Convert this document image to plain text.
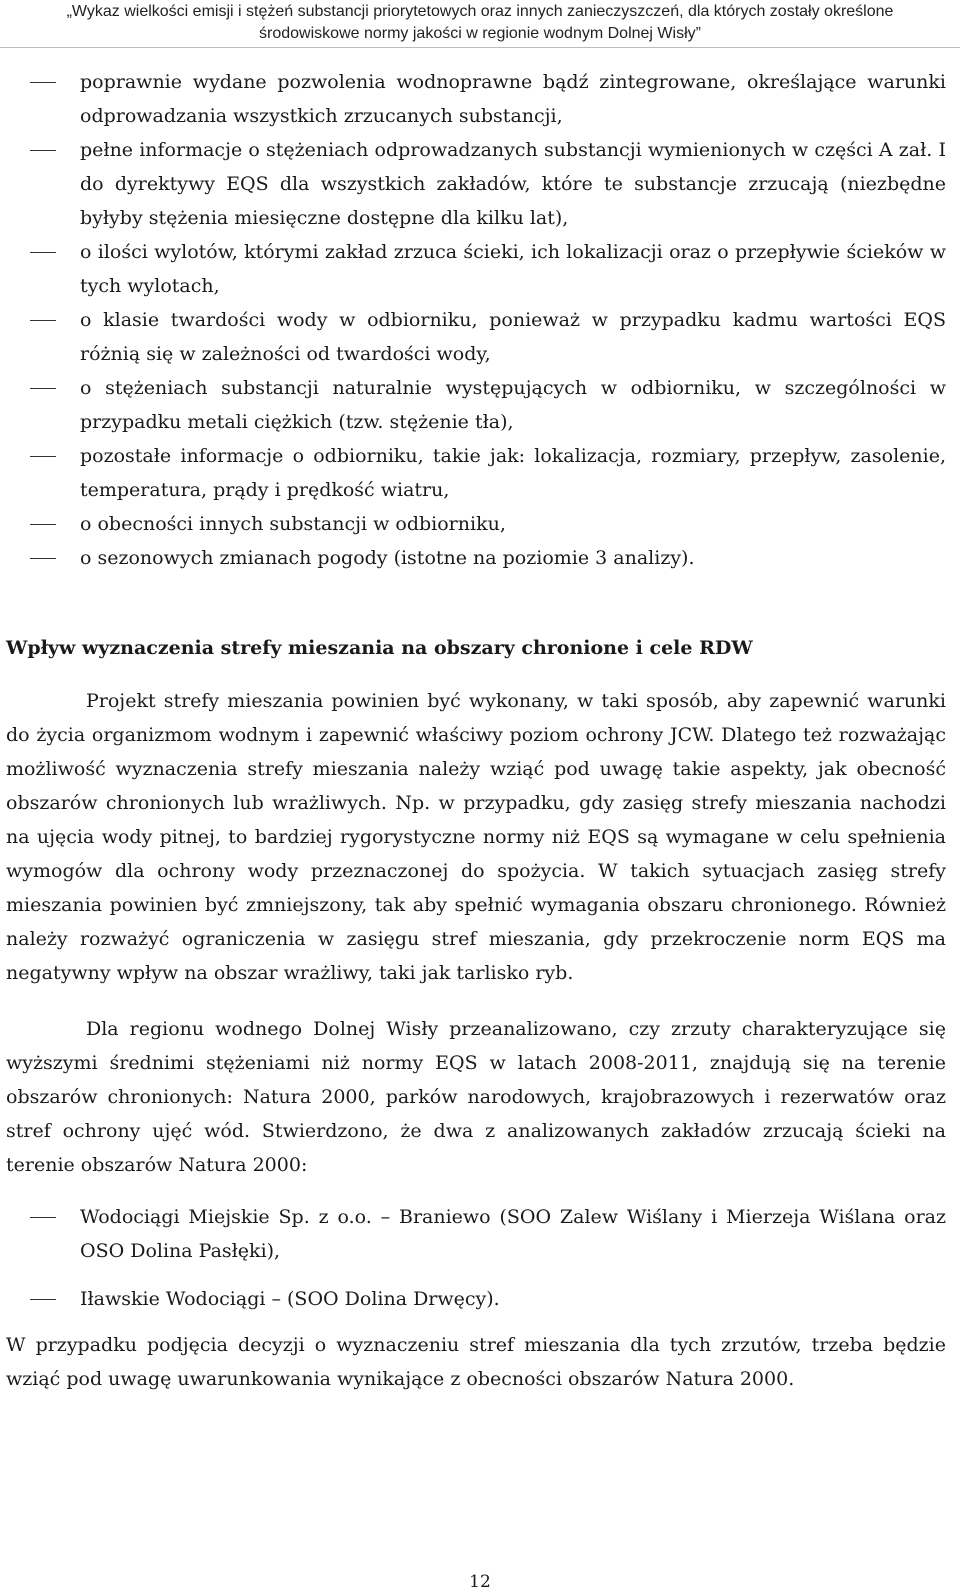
„Wykaz wielkości emisji i stężeń substancji priorytetowych oraz innych zanieczyszczeń, dla których zostały określone
środowiskowe normy jakości w regionie wodnym Dolnej Wisły”
poprawnie wydane pozwolenia wodnoprawne bądź zintegrowane, określające warunki odprowadzania wszystkich zrzucanych substancji,
pełne informacje o stężeniach odprowadzanych substancji wymienionych w części A zał. I do dyrektywy EQS dla wszystkich zakładów, które te substancje zrzucają (niezbędne byłyby stężenia miesięczne dostępne dla kilku lat),
o ilości wylotów, którymi zakład zrzuca ścieki, ich lokalizacji oraz o przepływie ścieków w tych wylotach,
o klasie twardości wody w odbiorniku, ponieważ w przypadku kadmu wartości EQS różnią się w zależności od twardości wody,
o stężeniach substancji naturalnie występujących w odbiorniku, w szczególności w przypadku metali ciężkich (tzw. stężenie tła),
pozostałe informacje o odbiorniku, takie jak: lokalizacja, rozmiary, przepływ, zasolenie, temperatura, prądy i prędkość wiatru,
o obecności innych substancji w odbiorniku,
o sezonowych zmianach pogody (istotne na poziomie 3 analizy).

Wpływ wyznaczenia strefy mieszania na obszary chronione i cele RDW

Projekt strefy mieszania powinien być wykonany, w taki sposób, aby zapewnić warunki do życia organizmom wodnym i zapewnić właściwy poziom ochrony JCW. Dlatego też rozważając możliwość wyznaczenia strefy mieszania należy wziąć pod uwagę takie aspekty, jak obecność obszarów chronionych lub wrażliwych. Np. w przypadku, gdy zasięg strefy mieszania nachodzi na ujęcia wody pitnej, to bardziej rygorystyczne normy niż EQS są wymagane w celu spełnienia wymogów dla ochrony wody przeznaczonej do spożycia. W takich sytuacjach zasięg strefy mieszania powinien być zmniejszony, tak aby spełnić wymagania obszaru chronionego. Również należy rozważyć ograniczenia w zasięgu stref mieszania, gdy przekroczenie norm EQS ma negatywny wpływ na obszar wrażliwy, taki jak tarlisko ryb.

Dla regionu wodnego Dolnej Wisły przeanalizowano, czy zrzuty charakteryzujące się wyższymi średnimi stężeniami niż normy EQS w latach 2008-2011, znajdują się na terenie obszarów chronionych: Natura 2000, parków narodowych, krajobrazowych i rezerwatów oraz stref ochrony ujęć wód. Stwierdzono, że dwa z analizowanych zakładów zrzucają ścieki na terenie obszarów Natura 2000:

Wodociągi Miejskie Sp. z o.o. – Braniewo (SOO Zalew Wiślany i Mierzeja Wiślana oraz OSO Dolina Pasłęki),
Iławskie Wodociągi – (SOO Dolina Drwęcy).

W przypadku podjęcia decyzji o wyznaczeniu stref mieszania dla tych zrzutów, trzeba będzie wziąć pod uwagę uwarunkowania wynikające z obecności obszarów Natura 2000.

12
